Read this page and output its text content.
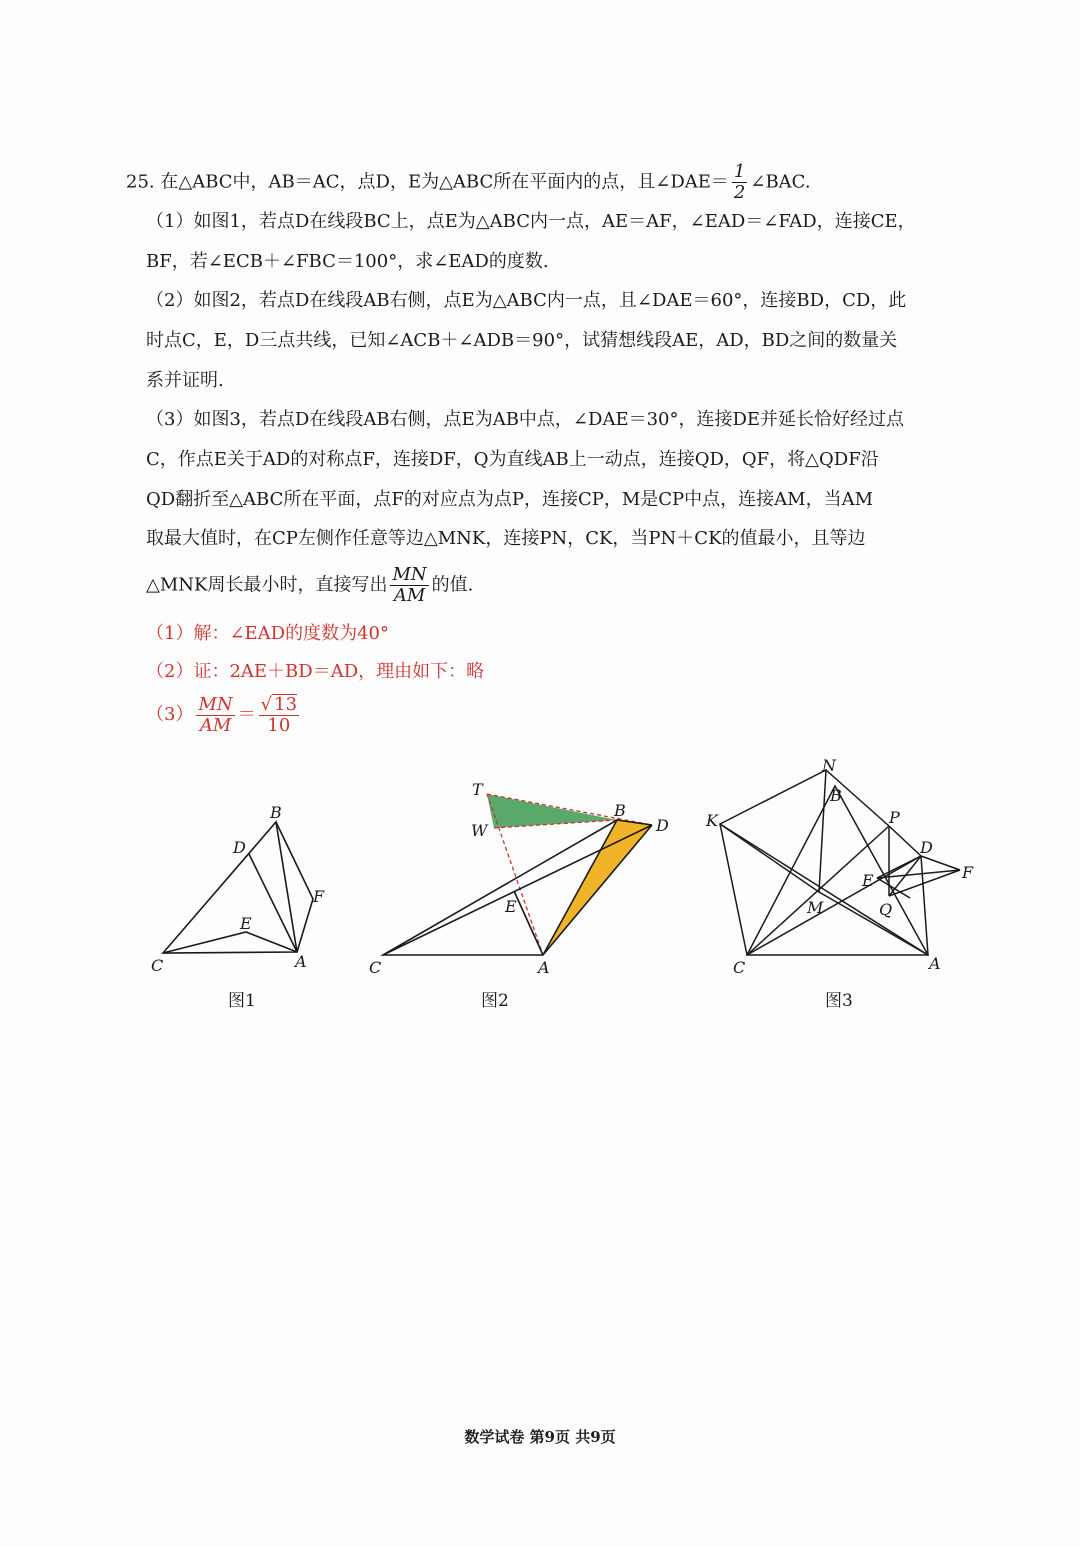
25. 在△ABC中，AB＝AC，点D，E为△ABC所在平面内的点，且∠DAE＝ $\frac{1}{2}$ ∠BAC.
（1）如图1，若点D在线段BC上，点E为△ABC内一点，AE＝AF，∠EAD＝∠FAD，连接CE，
BF，若∠ECB＋∠FBC＝100°，求∠EAD的度数.
（2）如图2，若点D在线段AB右侧，点E为△ABC内一点，且∠DAE＝60°，连接BD，CD，此
时点C，E，D三点共线，已知∠ACB＋∠ADB＝90°，试猜想线段AE，AD，BD之间的数量关
系并证明.
（3）如图3，若点D在线段AB右侧，点E为AB中点，∠DAE＝30°，连接DE并延长恰好经过点
C，作点E关于AD的对称点F，连接DF，Q为直线AB上一动点，连接QD，QF，将△QDF沿
QD翻折至△ABC所在平面，点F的对应点为点P，连接CP，M是CP中点，连接AM，当AM
取最大值时，在CP左侧作任意等边△MNK，连接PN，CK，当PN＋CK的值最小，且等边
△MNK周长最小时，直接写出 $\frac{MN}{AM}$ 的值.
（1）解：∠EAD的度数为40°
（2）证：2AE＋BD＝AD，理由如下：略
$(3) \frac{MN}{AM} = \frac{√ 13}{10}$
B
D
F
E
C	A
T
B
D
W
E
C	A
N
B
K	P
D
F
E
M	Q
C	A
图1	图2	图3
数学试卷 第9页 共9页
